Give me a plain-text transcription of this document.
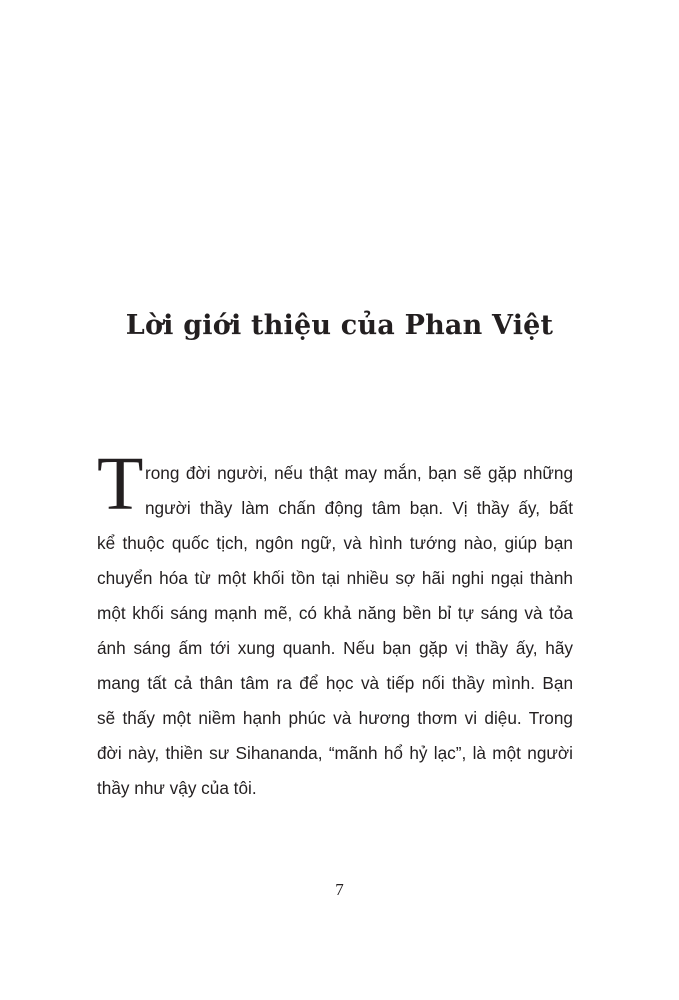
Lời giới thiệu của Phan Việt
T rong đời người, nếu thật may mắn, bạn sẽ gặp những
người thầy làm chấn động tâm bạn. Vị thầy ấy, bất
kể thuộc quốc tịch, ngôn ngữ, và hình tướng nào, giúp bạn
chuyển hóa từ một khối tồn tại nhiều sợ hãi nghi ngại thành
một khối sáng mạnh mẽ, có khả năng bền bỉ tự sáng và tỏa
ánh sáng ấm tới xung quanh. Nếu bạn gặp vị thầy ấy, hãy
mang tất cả thân tâm ra để học và tiếp nối thầy mình. Bạn
sẽ thấy một niềm hạnh phúc và hương thơm vi diệu. Trong
đời này, thiền sư Sihananda, “mãnh hổ hỷ lạc”, là một người
thầy như vậy của tôi.
7
